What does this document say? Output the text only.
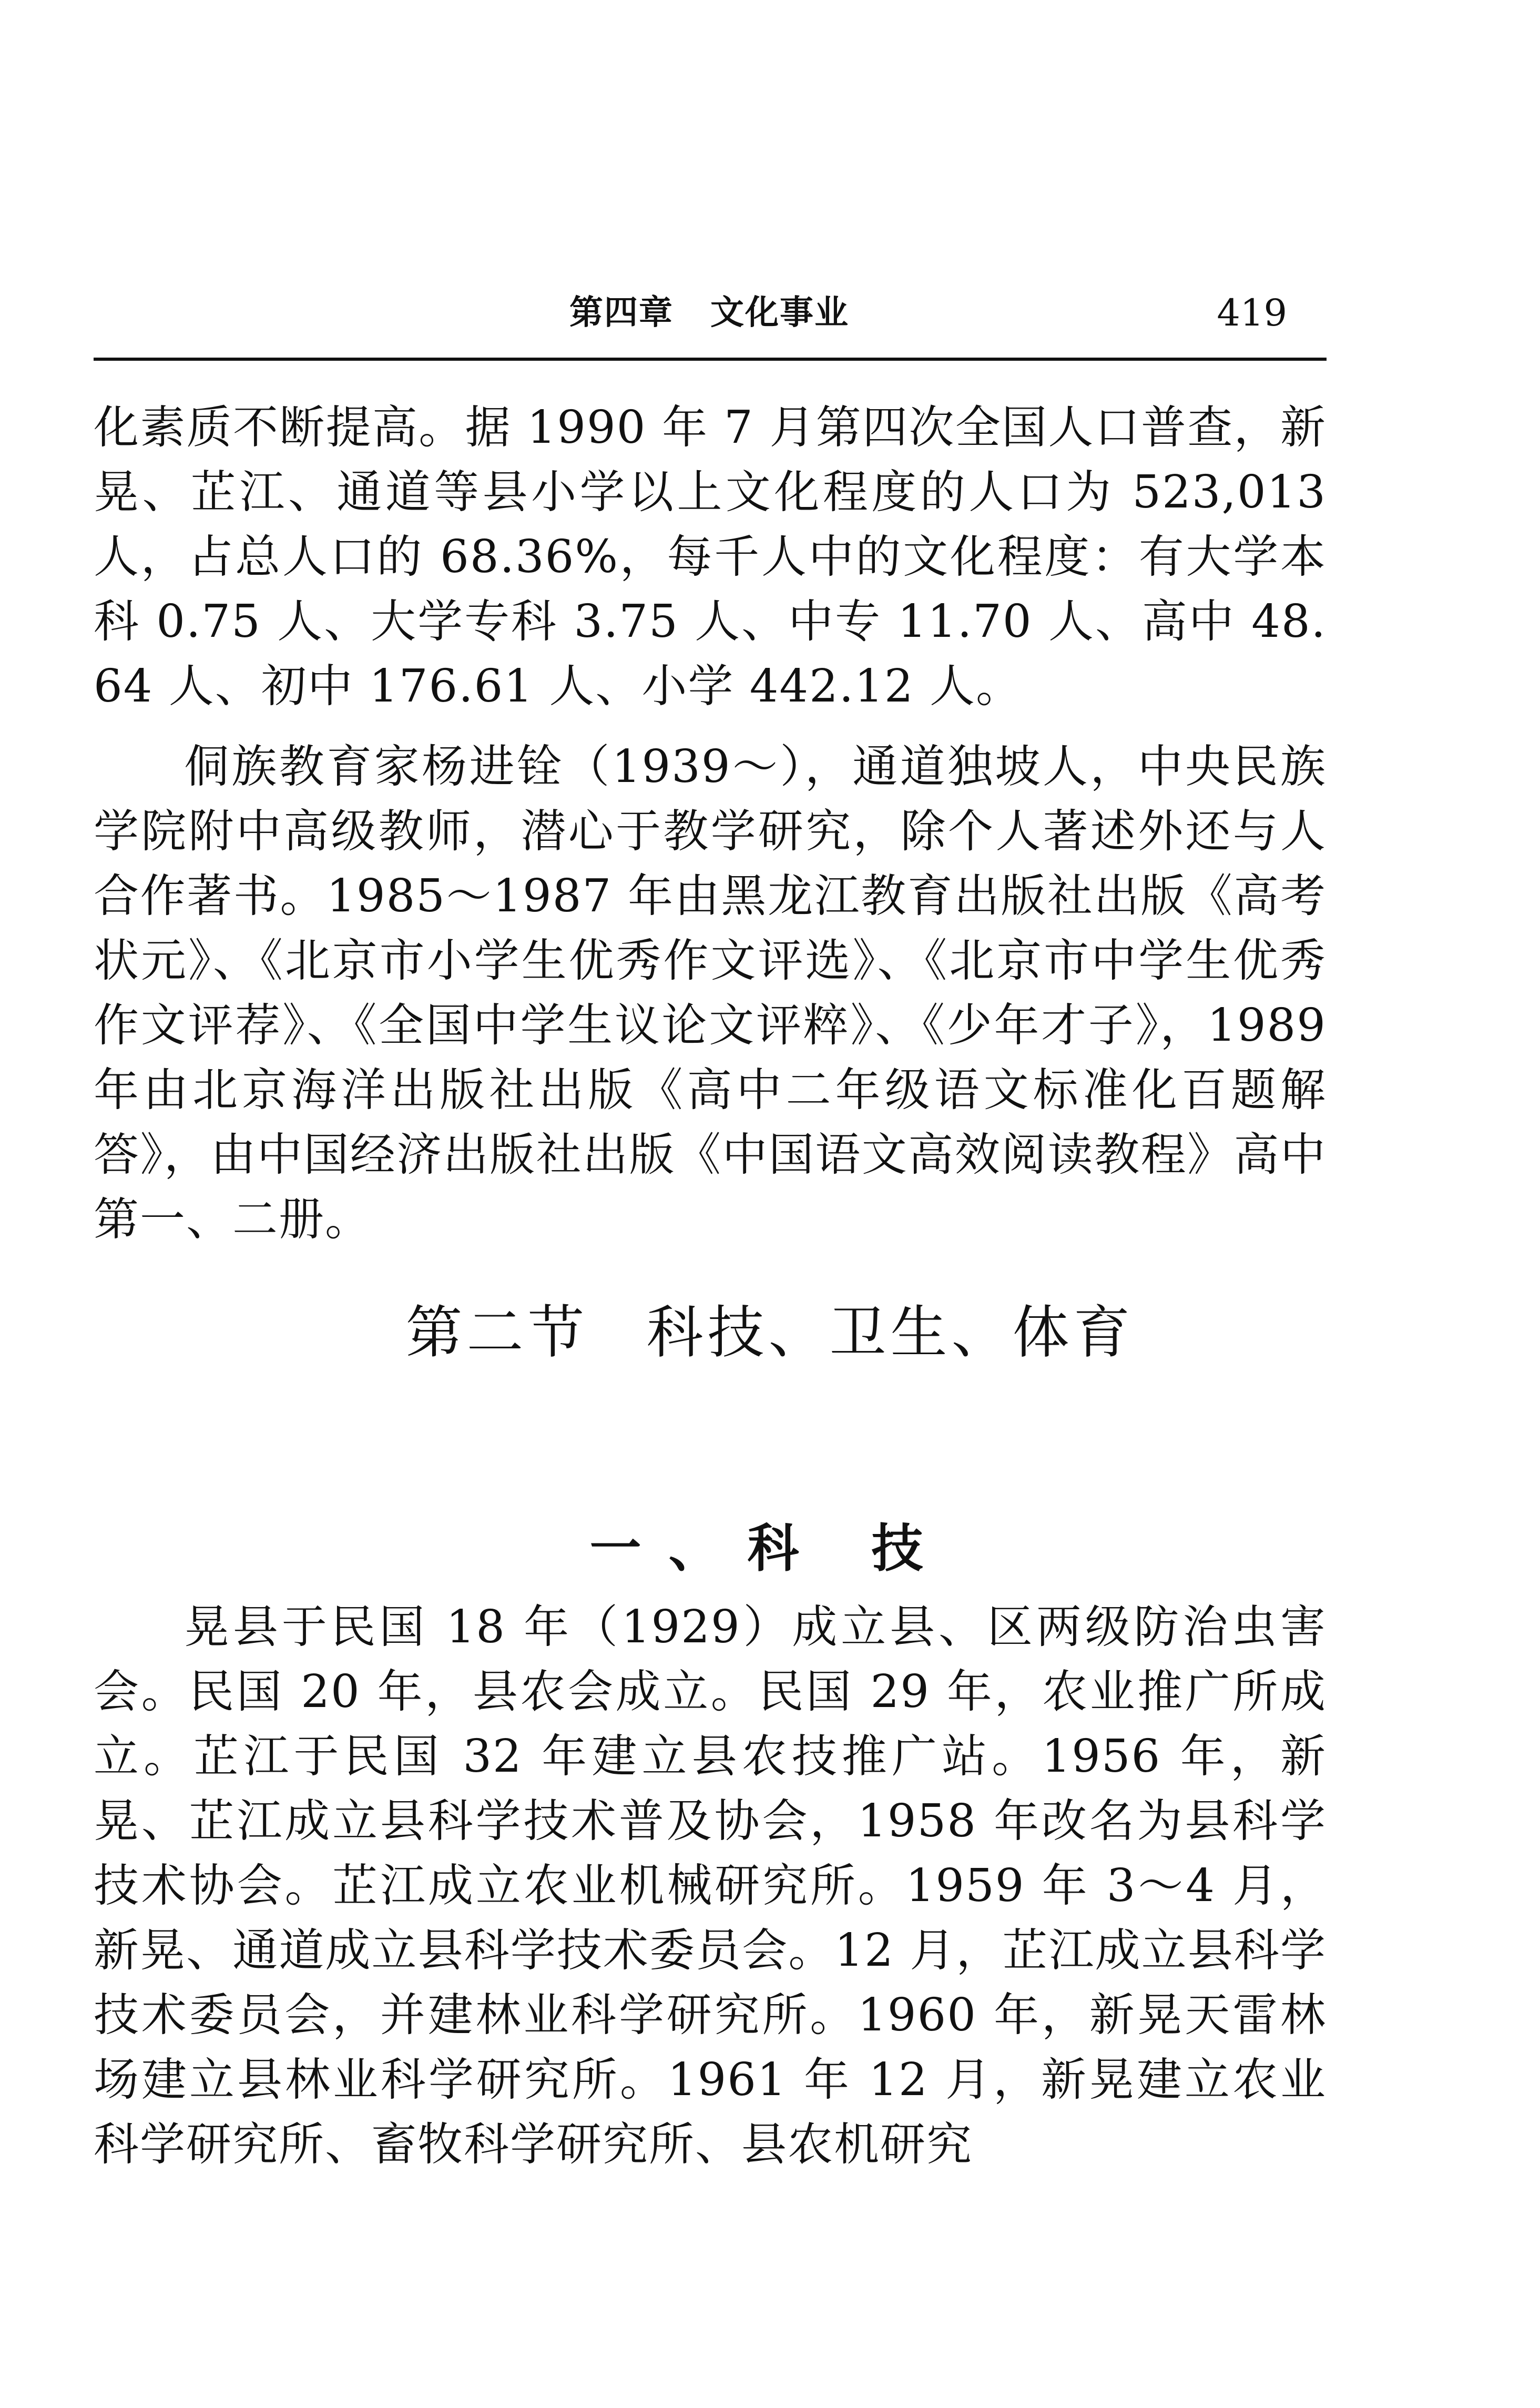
第四章 文化事业	419

化素质不断提高。据 1990 年 7 月第四次全国人口普查，新晃、芷江、通道等县小学以上文化程度的人口为 523,013 人，占总人口的 68.36%，每千人中的文化程度：有大学本科 0.75 人、大学专科 3.75 人、中专 11.70 人、高中 48.64 人、初中 176.61 人、小学 442.12 人。

侗族教育家杨进铨（1939～），通道独坡人，中央民族学院附中高级教师，潜心于教学研究，除个人著述外还与人合作著书。1985～1987 年由黑龙江教育出版社出版《高考状元》、《北京市小学生优秀作文评选》、《北京市中学生优秀作文评荐》、《全国中学生议论文评粹》、《少年才子》，1989 年由北京海洋出版社出版《高中二年级语文标准化百题解答》，由中国经济出版社出版《中国语文高效阅读教程》高中第一、二册。

第二节 科技、卫生、体育
一、科 技

晃县于民国 18 年（1929）成立县、区两级防治虫害会。民国 20 年，县农会成立。民国 29 年，农业推广所成立。芷江于民国 32 年建立县农技推广站。1956 年，新晃、芷江成立县科学技术普及协会，1958 年改名为县科学技术协会。芷江成立农业机械研究所。1959 年 3～4 月，新晃、通道成立县科学技术委员会。12 月，芷江成立县科学技术委员会，并建林业科学研究所。1960 年，新晃天雷林场建立县林业科学研究所。1961 年 12 月，新晃建立农业科学研究所、畜牧科学研究所、县农机研究
